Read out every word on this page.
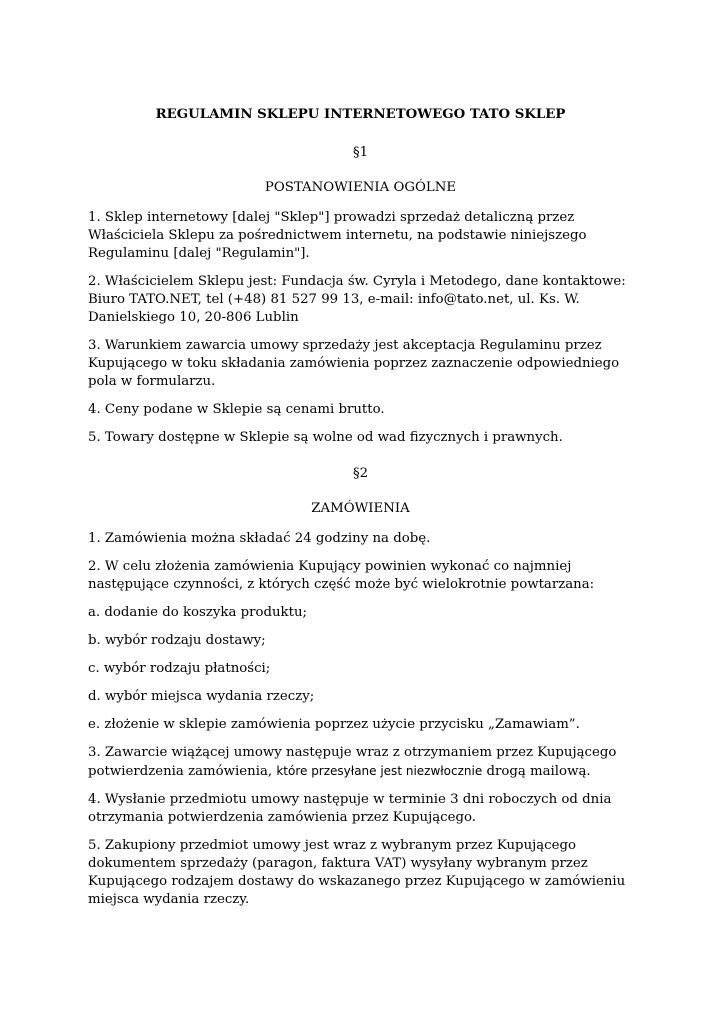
REGULAMIN SKLEPU INTERNETOWEGO TATO SKLEP

§1

POSTANOWIENIA OGÓLNE

1. Sklep internetowy [dalej "Sklep"] prowadzi sprzedaż detaliczną przez Właściciela Sklepu za pośrednictwem internetu, na podstawie niniejszego Regulaminu [dalej "Regulamin"].

2. Właścicielem Sklepu jest: Fundacja św. Cyryla i Metodego, dane kontaktowe: Biuro TATO.NET, tel (+48) 81 527 99 13, e-mail: info@tato.net, ul. Ks. W. Danielskiego 10, 20-806 Lublin

3. Warunkiem zawarcia umowy sprzedaży jest akceptacja Regulaminu przez Kupującego w toku składania zamówienia poprzez zaznaczenie odpowiedniego pola w formularzu.

4. Ceny podane w Sklepie są cenami brutto.

5. Towary dostępne w Sklepie są wolne od wad fizycznych i prawnych.

§2

ZAMÓWIENIA

1. Zamówienia można składać 24 godziny na dobę.

2. W celu złożenia zamówienia Kupujący powinien wykonać co najmniej następujące czynności, z których część może być wielokrotnie powtarzana:

a. dodanie do koszyka produktu;

b. wybór rodzaju dostawy;

c. wybór rodzaju płatności;

d. wybór miejsca wydania rzeczy;

e. złożenie w sklepie zamówienia poprzez użycie przycisku „Zamawiam”.

3. Zawarcie wiążącej umowy następuje wraz z otrzymaniem przez Kupującego potwierdzenia zamówienia, które przesyłane jest niezwłocznie drogą mailową.

4. Wysłanie przedmiotu umowy następuje w terminie 3 dni roboczych od dnia otrzymania potwierdzenia zamówienia przez Kupującego.

5. Zakupiony przedmiot umowy jest wraz z wybranym przez Kupującego dokumentem sprzedaży (paragon, faktura VAT) wysyłany wybranym przez Kupującego rodzajem dostawy do wskazanego przez Kupującego w zamówieniu miejsca wydania rzeczy.
